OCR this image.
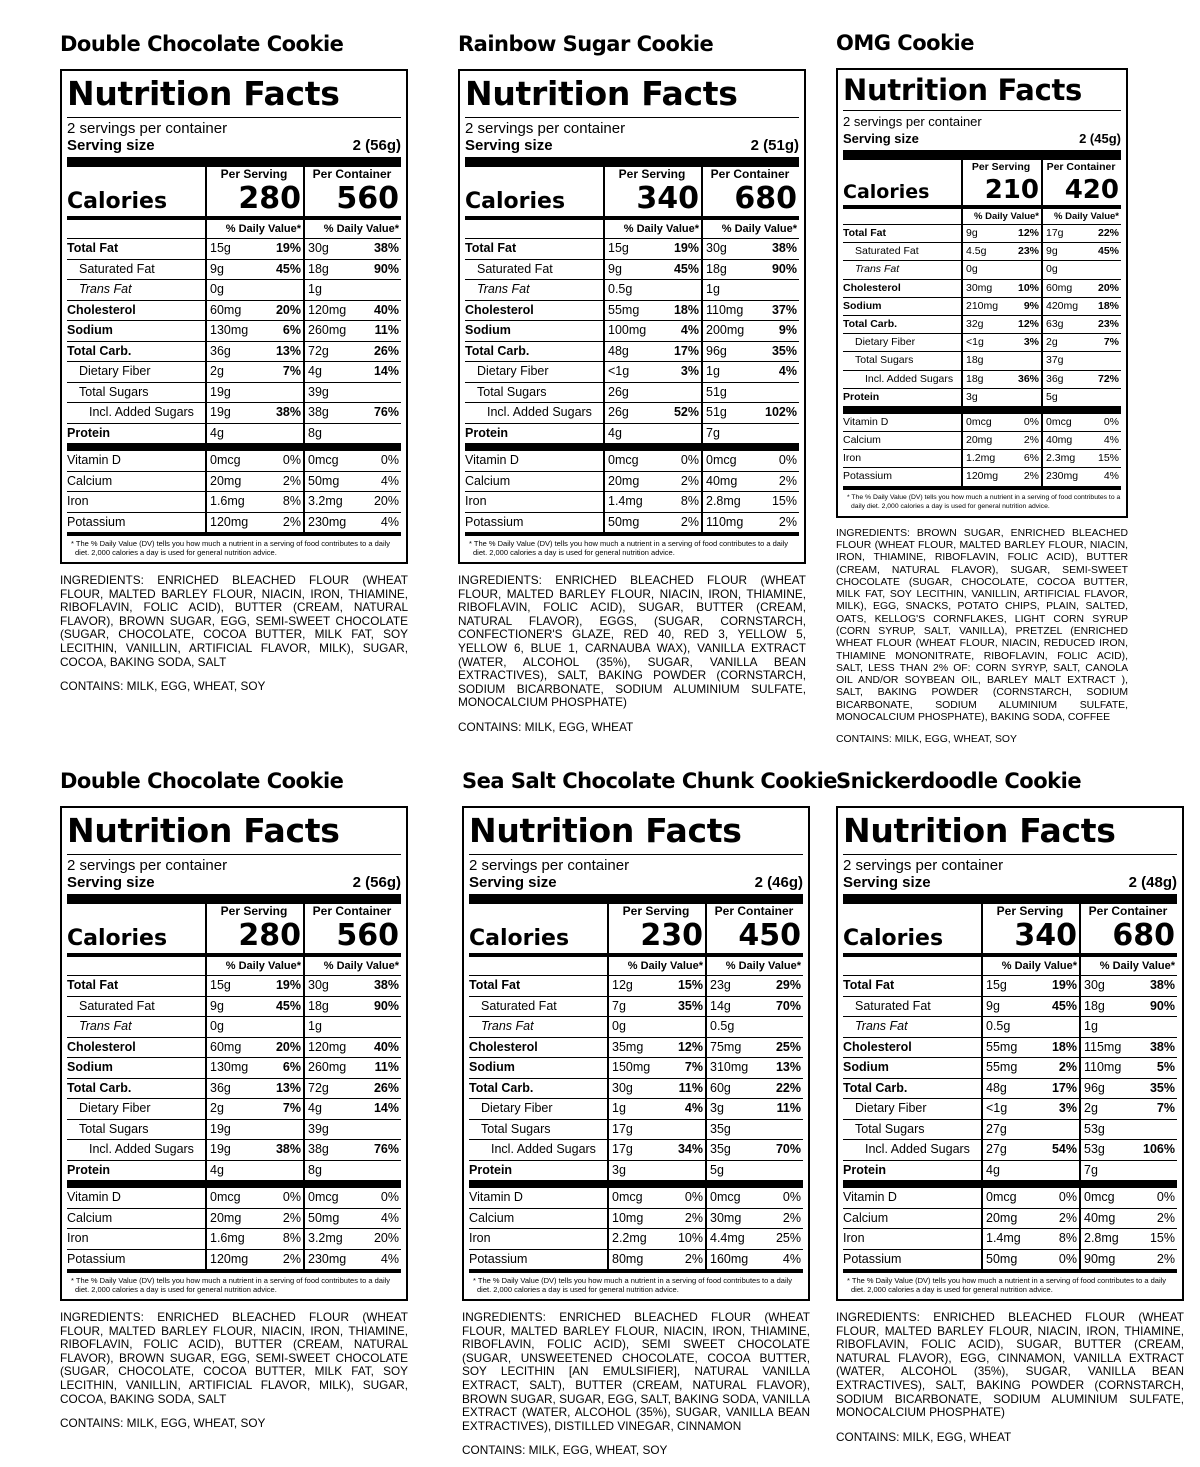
Double Chocolate Cookie
Nutrition Facts
2 servings per container
Serving size	2 (56g)
Calories
Per Serving
280
Per Container
560
% Daily Value*	% Daily Value*
Total Fat	15g	19% 30g	38%
Saturated Fat	9g	45% 18g	90%
Trans Fat	0g	1g
Cholesterol	60mg	20% 120mg 40%
Sodium	130mg	6% 260mg 11%
Total Carb.	36g	13% 72g	26%
Dietary Fiber	2g	7% 4g	14%
Total Sugars	19g	39g
Incl. Added Sugars	19g	38% 38g	76%
Protein	4g	8g
Vitamin D	0mcg	0% 0mcg	0%
Calcium	20mg	2% 50mg	4%
Iron	1.6mg	8% 3.2mg 20%
Potassium	120mg	2% 230mg	4%
* The % Daily Value (DV) tells you how much a nutrient in a serving of food contributes to a daily diet. 2,000 calories a day is used for general nutrition advice.
INGREDIENTS: ENRICHED BLEACHED FLOUR (WHEAT FLOUR, MALTED BARLEY FLOUR, NIACIN, IRON, THIAMINE, RIBOFLAVIN, FOLIC ACID), BUTTER (CREAM, NATURAL FLAVOR), BROWN SUGAR, EGG, SEMI-SWEET CHOCOLATE (SUGAR, CHOCOLATE, COCOA BUTTER, MILK FAT, SOY LECITHIN, VANILLIN, ARTIFICIAL FLAVOR, MILK), SUGAR, COCOA, BAKING SODA, SALT
CONTAINS: MILK, EGG, WHEAT, SOY
Rainbow Sugar Cookie
Nutrition Facts
2 servings per container
Serving size	2 (51g)
Calories
Per Serving
340
Per Container
680
% Daily Value*	% Daily Value*
Total Fat	15g	19% 30g	38%
Saturated Fat	9g	45% 18g	90%
Trans Fat	0.5g	1g
Cholesterol	55mg	18% 110mg 37%
Sodium	100mg	4% 200mg	9%
Total Carb.	48g	17% 96g	35%
Dietary Fiber	<1g	3% 1g	4%
Total Sugars	26g	51g
Incl. Added Sugars	26g	52% 51g	102%
Protein	4g	7g
Vitamin D	0mcg	0% 0mcg	0%
Calcium	20mg	2% 40mg	2%
Iron	1.4mg	8% 2.8mg 15%
Potassium	50mg	2% 110mg	2%
* The % Daily Value (DV) tells you how much a nutrient in a serving of food contributes to a daily diet. 2,000 calories a day is used for general nutrition advice.
INGREDIENTS: ENRICHED BLEACHED FLOUR (WHEAT FLOUR, MALTED BARLEY FLOUR, NIACIN, IRON, THIAMINE, RIBOFLAVIN, FOLIC ACID), SUGAR, BUTTER (CREAM, NATURAL FLAVOR), EGGS, (SUGAR, CORNSTARCH, CONFECTIONER'S GLAZE, RED 40, RED 3, YELLOW 5, YELLOW 6, BLUE 1, CARNAUBA WAX), VANILLA EXTRACT (WATER, ALCOHOL (35%), SUGAR, VANILLA BEAN EXTRACTIVES), SALT, BAKING POWDER (CORNSTARCH, SODIUM BICARBONATE, SODIUM ALUMINIUM SULFATE, MONOCALCIUM PHOSPHATE)
CONTAINS: MILK, EGG, WHEAT
OMG Cookie
Nutrition Facts
2 servings per container
Serving size	2 (45g)
Calories
Per Serving
210
Per Container
420
% Daily Value*	% Daily Value*
Total Fat	9g	12% 17g	22%
Saturated Fat	4.5g	23% 9g	45%
Trans Fat	0g	0g
Cholesterol	30mg 10% 60mg 20%
Sodium	210mg 9% 420mg 18%
Total Carb.	32g	12% 63g	23%
Dietary Fiber	<1g	3% 2g	7%
Total Sugars	18g	37g
Incl. Added Sugars	18g	36% 36g	72%
Protein	3g	5g
Vitamin D	0mcg	0% 0mcg	0%
Calcium	20mg	2% 40mg	4%
Iron	1.2mg	6% 2.3mg 15%
Potassium	120mg 2% 230mg 4%
* The % Daily Value (DV) tells you how much a nutrient in a serving of food contributes to a daily diet. 2,000 calories a day is used for general nutrition advice.
INGREDIENTS: BROWN SUGAR, ENRICHED BLEACHED FLOUR (WHEAT FLOUR, MALTED BARLEY FLOUR, NIACIN, IRON, THIAMINE, RIBOFLAVIN, FOLIC ACID), BUTTER (CREAM, NATURAL FLAVOR), SUGAR, SEMI-SWEET CHOCOLATE (SUGAR, CHOCOLATE, COCOA BUTTER, MILK FAT, SOY LECITHIN, VANILLIN, ARTIFICIAL FLAVOR, MILK), EGG, SNACKS, POTATO CHIPS, PLAIN, SALTED, OATS, KELLOG'S CORNFLAKES, LIGHT CORN SYRUP (CORN SYRUP, SALT, VANILLA), PRETZEL (ENRICHED WHEAT FLOUR (WHEAT FLOUR, NIACIN, REDUCED IRON, THIAMINE MONONITRATE, RIBOFLAVIN, FOLIC ACID), SALT, LESS THAN 2% OF: CORN SYRYP, SALT, CANOLA OIL AND/OR SOYBEAN OIL, BARLEY MALT EXTRACT ), SALT, BAKING POWDER (CORNSTARCH, SODIUM BICARBONATE, SODIUM ALUMINIUM SULFATE, MONOCALCIUM PHOSPHATE), BAKING SODA, COFFEE
CONTAINS: MILK, EGG, WHEAT, SOY
Double Chocolate Cookie
Nutrition Facts
2 servings per container
Serving size	2 (56g)
Calories
Per Serving
280
Per Container
560
% Daily Value*	% Daily Value*
Total Fat	15g	19% 30g	38%
Saturated Fat	9g	45% 18g	90%
Trans Fat	0g	1g
Cholesterol	60mg	20% 120mg 40%
Sodium	130mg	6% 260mg 11%
Total Carb.	36g	13% 72g	26%
Dietary Fiber	2g	7% 4g	14%
Total Sugars	19g	39g
Incl. Added Sugars	19g	38% 38g	76%
Protein	4g	8g
Vitamin D	0mcg	0% 0mcg	0%
Calcium	20mg	2% 50mg	4%
Iron	1.6mg	8% 3.2mg 20%
Potassium	120mg	2% 230mg	4%
* The % Daily Value (DV) tells you how much a nutrient in a serving of food contributes to a daily diet. 2,000 calories a day is used for general nutrition advice.
INGREDIENTS: ENRICHED BLEACHED FLOUR (WHEAT FLOUR, MALTED BARLEY FLOUR, NIACIN, IRON, THIAMINE, RIBOFLAVIN, FOLIC ACID), BUTTER (CREAM, NATURAL FLAVOR), BROWN SUGAR, EGG, SEMI-SWEET CHOCOLATE (SUGAR, CHOCOLATE, COCOA BUTTER, MILK FAT, SOY LECITHIN, VANILLIN, ARTIFICIAL FLAVOR, MILK), SUGAR, COCOA, BAKING SODA, SALT
CONTAINS: MILK, EGG, WHEAT, SOY
Sea Salt Chocolate Chunk Cookie
Nutrition Facts
2 servings per container
Serving size	2 (46g)
Calories
Per Serving
230
Per Container
450
% Daily Value*	% Daily Value*
Total Fat	12g	15% 23g	29%
Saturated Fat	7g	35% 14g	70%
Trans Fat	0g	0.5g
Cholesterol	35mg	12% 75mg	25%
Sodium	150mg	7% 310mg 13%
Total Carb.	30g	11% 60g	22%
Dietary Fiber	1g	4% 3g	11%
Total Sugars	17g	35g
Incl. Added Sugars	17g	34% 35g	70%
Protein	3g	5g
Vitamin D	0mcg	0% 0mcg	0%
Calcium	10mg	2% 30mg	2%
Iron	2.2mg 10% 4.4mg 25%
Potassium	80mg	2% 160mg	4%
* The % Daily Value (DV) tells you how much a nutrient in a serving of food contributes to a daily diet. 2,000 calories a day is used for general nutrition advice.
INGREDIENTS: ENRICHED BLEACHED FLOUR (WHEAT FLOUR, MALTED BARLEY FLOUR, NIACIN, IRON, THIAMINE, RIBOFLAVIN, FOLIC ACID), SEMI SWEET CHOCOLATE (SUGAR, UNSWEETENED CHOCOLATE, COCOA BUTTER, SOY LECITHIN [AN EMULSIFIER], NATURAL VANILLA EXTRACT, SALT), BUTTER (CREAM, NATURAL FLAVOR), BROWN SUGAR, SUGAR, EGG, SALT, BAKING SODA, VANILLA EXTRACT (WATER, ALCOHOL (35%), SUGAR, VANILLA BEAN EXTRACTIVES), DISTILLED VINEGAR, CINNAMON
CONTAINS: MILK, EGG, WHEAT, SOY
Snickerdoodle Cookie
Nutrition Facts
2 servings per container
Serving size	2 (48g)
Calories
Per Serving
340
Per Container
680
% Daily Value*	% Daily Value*
Total Fat	15g	19% 30g	38%
Saturated Fat	9g	45% 18g	90%
Trans Fat	0.5g	1g
Cholesterol	55mg	18% 115mg 38%
Sodium	55mg	2% 110mg	5%
Total Carb.	48g	17% 96g	35%
Dietary Fiber	<1g	3% 2g	7%
Total Sugars	27g	53g
Incl. Added Sugars	27g	54% 53g	106%
Protein	4g	7g
Vitamin D	0mcg	0% 0mcg	0%
Calcium	20mg	2% 40mg	2%
Iron	1.4mg	8% 2.8mg 15%
Potassium	50mg	0% 90mg	2%
* The % Daily Value (DV) tells you how much a nutrient in a serving of food contributes to a daily diet. 2,000 calories a day is used for general nutrition advice.
INGREDIENTS: ENRICHED BLEACHED FLOUR (WHEAT FLOUR, MALTED BARLEY FLOUR, NIACIN, IRON, THIAMINE, RIBOFLAVIN, FOLIC ACID), SUGAR, BUTTER (CREAM, NATURAL FLAVOR), EGG, CINNAMON, VANILLA EXTRACT (WATER, ALCOHOL (35%), SUGAR, VANILLA BEAN EXTRACTIVES), SALT, BAKING POWDER (CORNSTARCH, SODIUM BICARBONATE, SODIUM ALUMINIUM SULFATE, MONOCALCIUM PHOSPHATE)
CONTAINS: MILK, EGG, WHEAT
